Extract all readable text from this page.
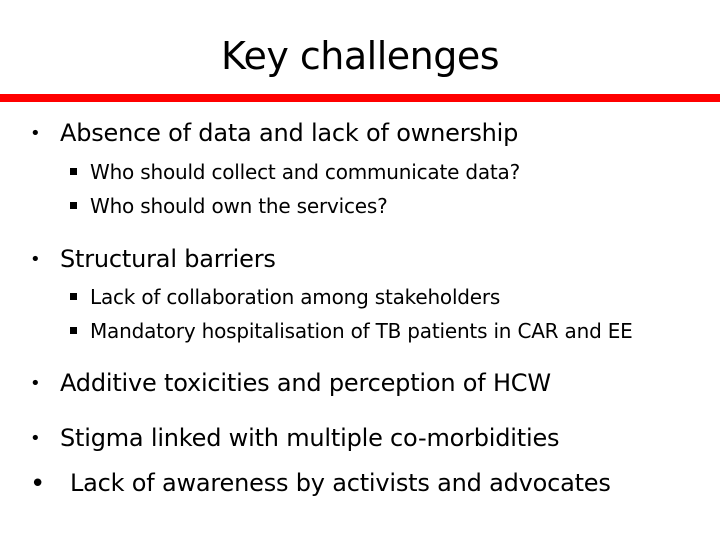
Key challenges
• Absence of data and lack of ownership
Who should collect and communicate data?
Who should own the services?
• Structural barriers
Lack of collaboration among stakeholders
Mandatory hospitalisation of TB patients in CAR and EE
• Additive toxicities and perception of HCW
• Stigma linked with multiple co-morbidities
• Lack of awareness by activists and advocates
